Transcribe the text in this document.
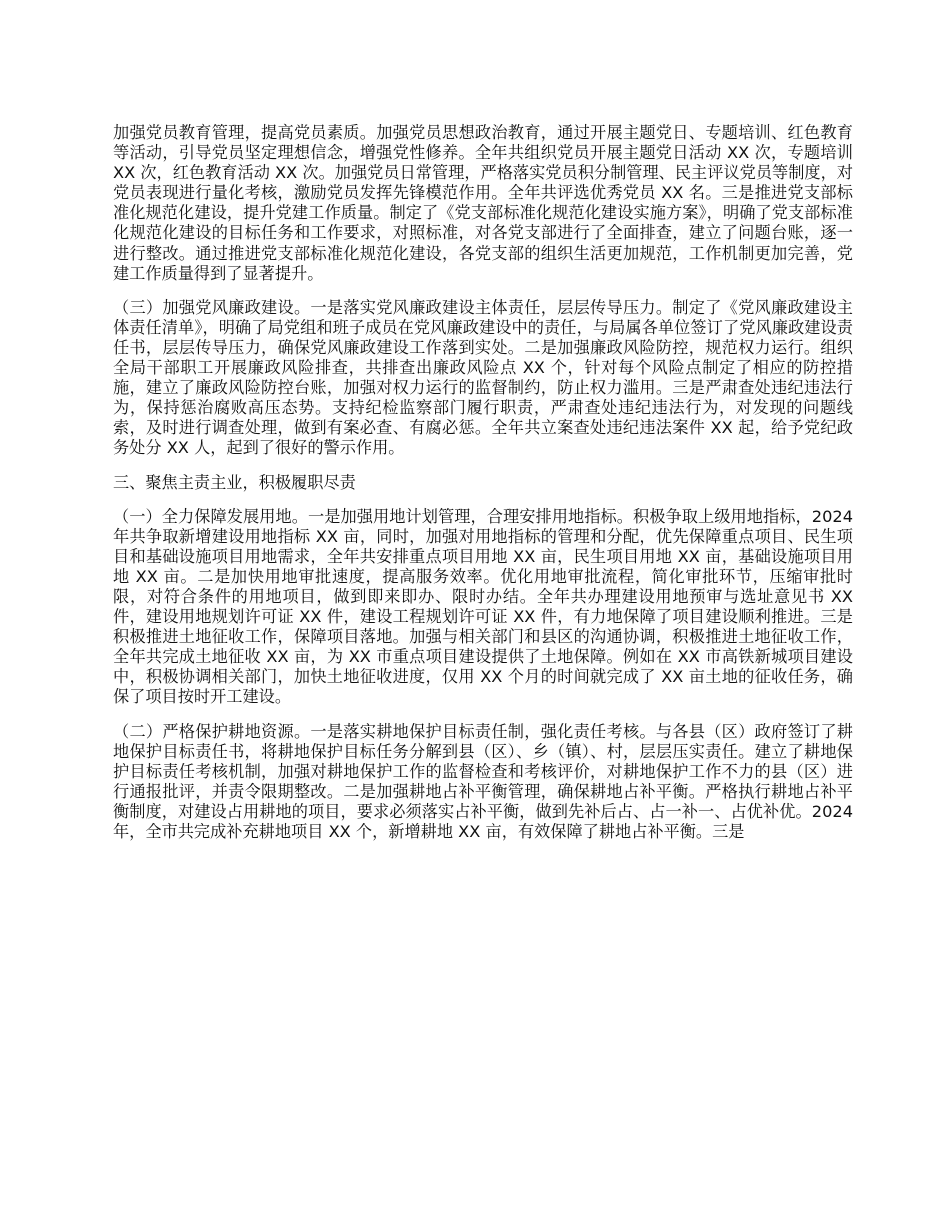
加强党员教育管理，提高党员素质。加强党员思想政治教育，通过开展主题党日、专题培训、红色教育等活动，引导党员坚定理想信念，增强党性修养。全年共组织党员开展主题党日活动 XX 次，专题培训 XX 次，红色教育活动 XX 次。加强党员日常管理，严格落实党员积分制管理、民主评议党员等制度，对党员表现进行量化考核，激励党员发挥先锋模范作用。全年共评选优秀党员 XX 名。三是推进党支部标准化规范化建设，提升党建工作质量。制定了《党支部标准化规范化建设实施方案》，明确了党支部标准化规范化建设的目标任务和工作要求，对照标准，对各党支部进行了全面排查，建立了问题台账，逐一进行整改。通过推进党支部标准化规范化建设，各党支部的组织生活更加规范，工作机制更加完善，党建工作质量得到了显著提升。

（三）加强党风廉政建设。一是落实党风廉政建设主体责任，层层传导压力。制定了《党风廉政建设主体责任清单》，明确了局党组和班子成员在党风廉政建设中的责任，与局属各单位签订了党风廉政建设责任书，层层传导压力，确保党风廉政建设工作落到实处。二是加强廉政风险防控，规范权力运行。组织全局干部职工开展廉政风险排查，共排查出廉政风险点 XX 个，针对每个风险点制定了相应的防控措施，建立了廉政风险防控台账，加强对权力运行的监督制约，防止权力滥用。三是严肃查处违纪违法行为，保持惩治腐败高压态势。支持纪检监察部门履行职责，严肃查处违纪违法行为，对发现的问题线索，及时进行调查处理，做到有案必查、有腐必惩。全年共立案查处违纪违法案件 XX 起，给予党纪政务处分 XX 人，起到了很好的警示作用。

三、聚焦主责主业，积极履职尽责

（一）全力保障发展用地。一是加强用地计划管理，合理安排用地指标。积极争取上级用地指标，2024 年共争取新增建设用地指标 XX 亩，同时，加强对用地指标的管理和分配，优先保障重点项目、民生项目和基础设施项目用地需求，全年共安排重点项目用地 XX 亩，民生项目用地 XX 亩，基础设施项目用地 XX 亩。二是加快用地审批速度，提高服务效率。优化用地审批流程，简化审批环节，压缩审批时限，对符合条件的用地项目，做到即来即办、限时办结。全年共办理建设用地预审与选址意见书 XX 件，建设用地规划许可证 XX 件，建设工程规划许可证 XX 件，有力地保障了项目建设顺利推进。三是积极推进土地征收工作，保障项目落地。加强与相关部门和县区的沟通协调，积极推进土地征收工作，全年共完成土地征收 XX 亩，为 XX 市重点项目建设提供了土地保障。例如在 XX 市高铁新城项目建设中，积极协调相关部门，加快土地征收进度，仅用 XX 个月的时间就完成了 XX 亩土地的征收任务，确保了项目按时开工建设。

（二）严格保护耕地资源。一是落实耕地保护目标责任制，强化责任考核。与各县（区）政府签订了耕地保护目标责任书，将耕地保护目标任务分解到县（区）、乡（镇）、村，层层压实责任。建立了耕地保护目标责任考核机制，加强对耕地保护工作的监督检查和考核评价，对耕地保护工作不力的县（区）进行通报批评，并责令限期整改。二是加强耕地占补平衡管理，确保耕地占补平衡。严格执行耕地占补平衡制度，对建设占用耕地的项目，要求必须落实占补平衡，做到先补后占、占一补一、占优补优。2024 年，全市共完成补充耕地项目 XX 个，新增耕地 XX 亩，有效保障了耕地占补平衡。三是
